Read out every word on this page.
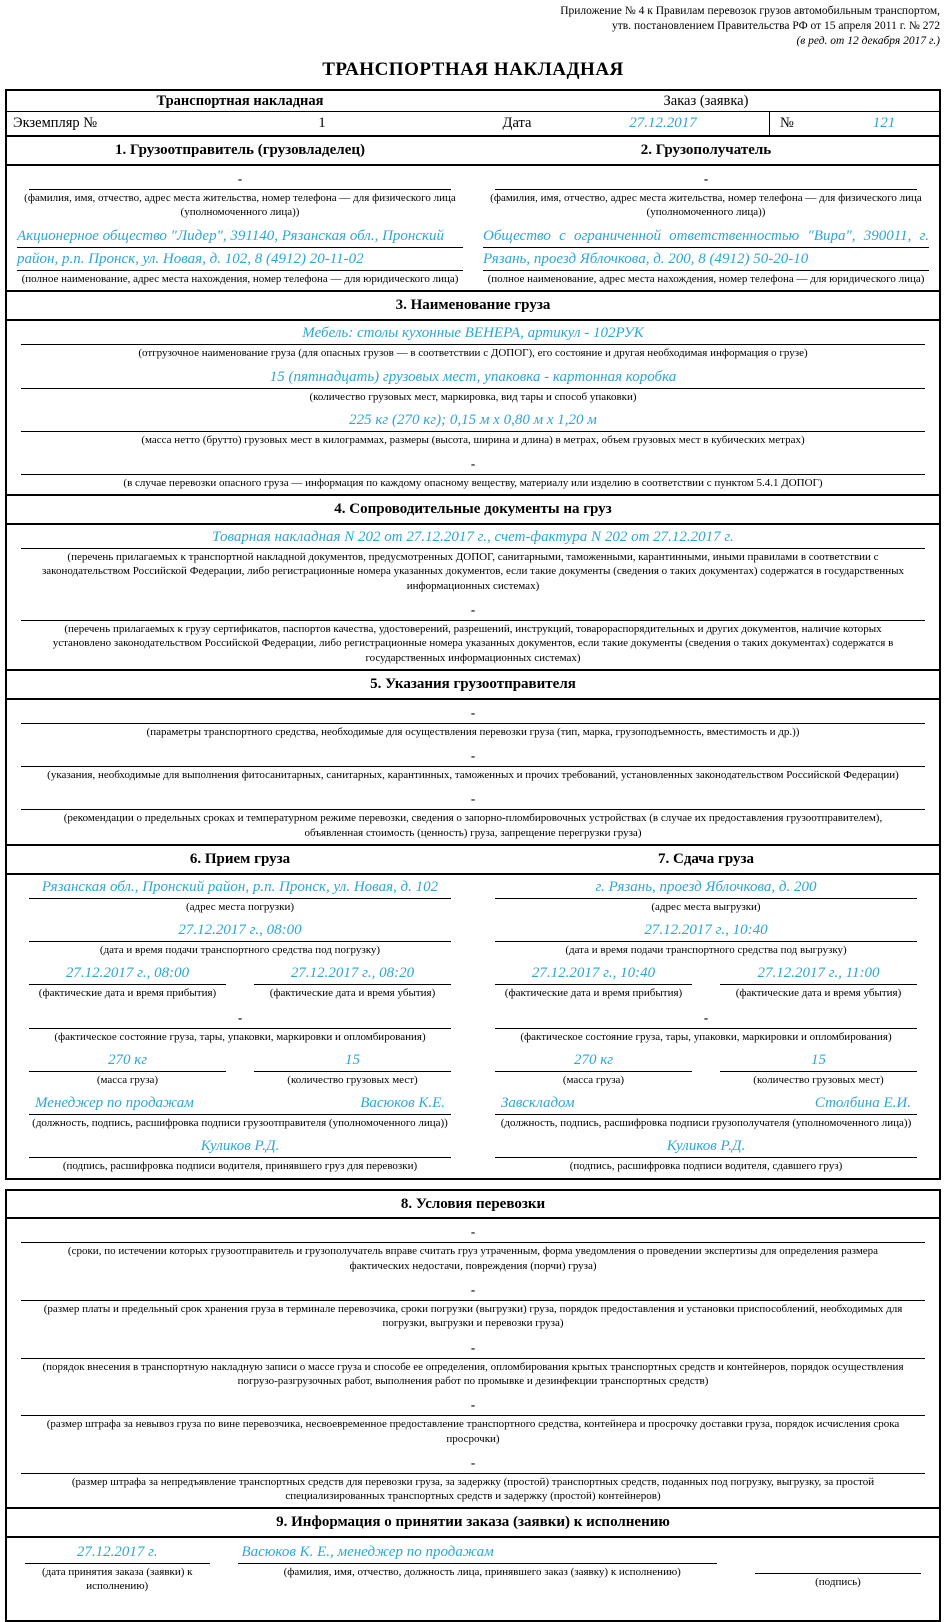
Приложение № 4 к Правилам перевозок грузов автомобильным транспортом,
утв. постановлением Правительства РФ от 15 апреля 2011 г. № 272
(в ред. от 12 декабря 2017 г.)
ТРАНСПОРТНАЯ НАКЛАДНАЯ
Транспортная накладная	Заказ (заявка)
Экземпляр №	1	Дата	27.12.2017	№	121
1. Грузоотправитель (грузовладелец)	2. Грузополучатель
-
(фамилия, имя, отчество, адрес места жительства, номер телефона — для физического лица (уполномоченного лица))
Акционерное общество "Лидер", 391140, Рязанская обл., Пронский район, р.п. Пронск, ул. Новая, д. 102, 8 (4912) 20-11-02
(полное наименование, адрес места нахождения, номер телефона — для юридического лица)
-
(фамилия, имя, отчество, адрес места жительства, номер телефона — для физического лица (уполномоченного лица))
Общество с ограниченной ответственностью "Вира", 390011, г. Рязань, проезд Яблочкова, д. 200, 8 (4912) 50-20-10
(полное наименование, адрес места нахождения, номер телефона — для юридического лица)
3. Наименование груза
Мебель: столы кухонные ВЕНЕРА, артикул - 102РУК
(отгрузочное наименование груза (для опасных грузов — в соответствии с ДОПОГ), его состояние и другая необходимая информация о грузе)
15 (пятнадцать) грузовых мест, упаковка - картонная коробка
(количество грузовых мест, маркировка, вид тары и способ упаковки)
225 кг (270 кг); 0,15 м х 0,80 м х 1,20 м
(масса нетто (брутто) грузовых мест в килограммах, размеры (высота, ширина и длина) в метрах, объем грузовых мест в кубических метрах)
-
(в случае перевозки опасного груза — информация по каждому опасному веществу, материалу или изделию в соответствии с пунктом 5.4.1 ДОПОГ)
4. Сопроводительные документы на груз
Товарная накладная N 202 от 27.12.2017 г., счет-фактура N 202 от 27.12.2017 г.
(перечень прилагаемых к транспортной накладной документов, предусмотренных ДОПОГ, санитарными, таможенными, карантинными, иными правилами в соответствии с законодательством Российской Федерации, либо регистрационные номера указанных документов, если такие документы (сведения о таких документах) содержатся в государственных информационных системах)
-
(перечень прилагаемых к грузу сертификатов, паспортов качества, удостоверений, разрешений, инструкций, товарораспорядительных и других документов, наличие которых установлено законодательством Российской Федерации, либо регистрационные номера указанных документов, если такие документы (сведения о таких документах) содержатся в государственных информационных системах)
5. Указания грузоотправителя
-
(параметры транспортного средства, необходимые для осуществления перевозки груза (тип, марка, грузоподъемность, вместимость и др.))
-
(указания, необходимые для выполнения фитосанитарных, санитарных, карантинных, таможенных и прочих требований, установленных законодательством Российской Федерации)
-
(рекомендации о предельных сроках и температурном режиме перевозки, сведения о запорно-пломбировочных устройствах (в случае их предоставления грузоотправителем), объявленная стоимость (ценность) груза, запрещение перегрузки груза)
6. Прием груза	7. Сдача груза
Рязанская обл., Пронский район, р.п. Пронск, ул. Новая, д. 102
(адрес места погрузки)
27.12.2017 г., 08:00
(дата и время подачи транспортного средства под погрузку)
27.12.2017 г., 08:00
(фактические дата и время прибытия)
27.12.2017 г., 08:20
(фактические дата и время убытия)
-
(фактическое состояние груза, тары, упаковки, маркировки и опломбирования)
270 кг
(масса груза)
15
(количество грузовых мест)
Менеджер по продажам	Васюков К.Е.
(должность, подпись, расшифровка подписи грузоотправителя (уполномоченного лица))
Куликов Р.Д.
(подпись, расшифровка подписи водителя, принявшего груз для перевозки)
г. Рязань, проезд Яблочкова, д. 200
(адрес места выгрузки)
27.12.2017 г., 10:40
(дата и время подачи транспортного средства под выгрузку)
27.12.2017 г., 10:40
(фактические дата и время прибытия)
27.12.2017 г., 11:00
(фактические дата и время убытия)
-
(фактическое состояние груза, тары, упаковки, маркировки и опломбирования)
270 кг
(масса груза)
15
(количество грузовых мест)
Завскладом	Столбина Е.И.
(должность, подпись, расшифровка подписи грузополучателя (уполномоченного лица))
Куликов Р.Д.
(подпись, расшифровка подписи водителя, сдавшего груз)
8. Условия перевозки
-
(сроки, по истечении которых грузоотправитель и грузополучатель вправе считать груз утраченным, форма уведомления о проведении экспертизы для определения размера фактических недостачи, повреждения (порчи) груза)
-
(размер платы и предельный срок хранения груза в терминале перевозчика, сроки погрузки (выгрузки) груза, порядок предоставления и установки приспособлений, необходимых для погрузки, выгрузки и перевозки груза)
-
(порядок внесения в транспортную накладную записи о массе груза и способе ее определения, опломбирования крытых транспортных средств и контейнеров, порядок осуществления погрузо-разгрузочных работ, выполнения работ по промывке и дезинфекции транспортных средств)
-
(размер штрафа за невывоз груза по вине перевозчика, несвоевременное предоставление транспортного средства, контейнера и просрочку доставки груза, порядок исчисления срока просрочки)
-
(размер штрафа за непредъявление транспортных средств для перевозки груза, за задержку (простой) транспортных средств, поданных под погрузку, выгрузку, за простой специализированных транспортных средств и задержку (простой) контейнеров)
9. Информация о принятии заказа (заявки) к исполнению
27.12.2017 г.
(дата принятия заказа (заявки) к исполнению)
Васюков К. Е., менеджер по продажам
(фамилия, имя, отчество, должность лица, принявшего заказ (заявку) к исполнению)

(подпись)
